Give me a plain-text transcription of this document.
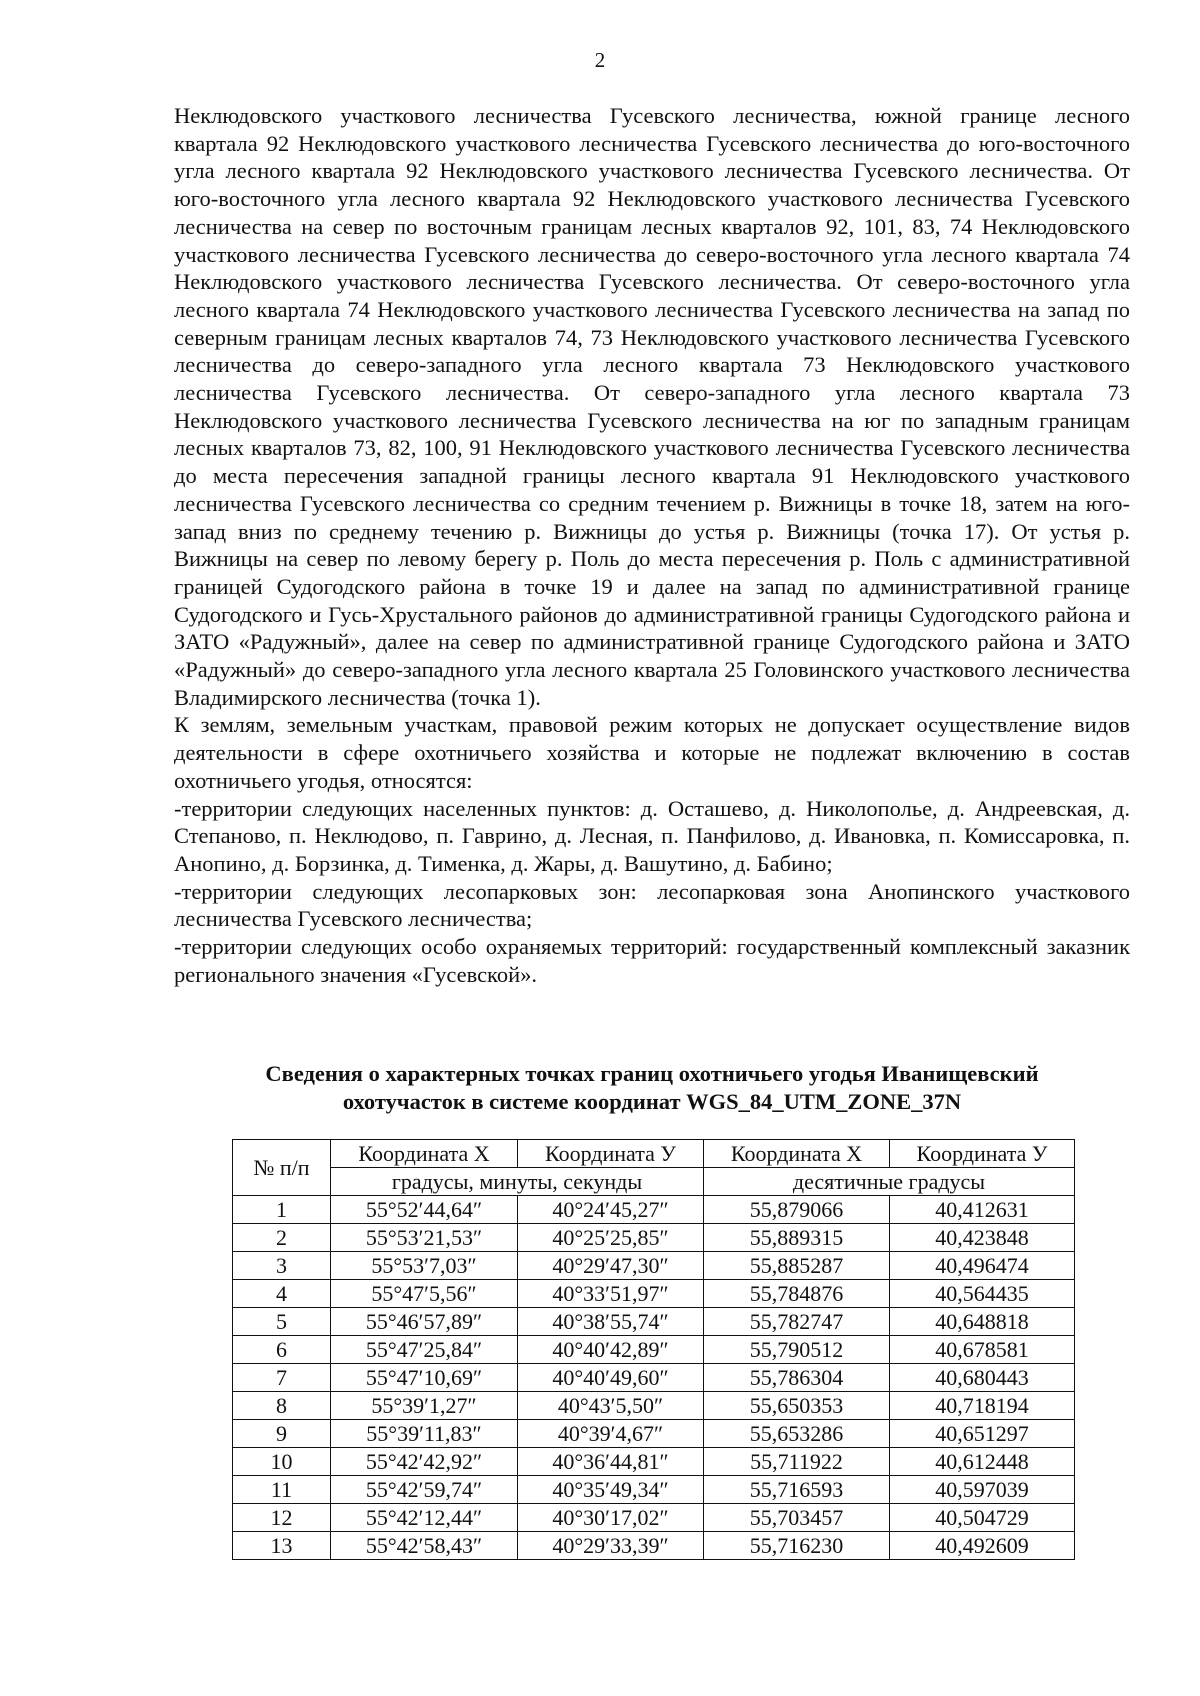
2

Неклюдовского участкового лесничества Гусевского лесничества, южной границе лесного квартала 92 Неклюдовского участкового лесничества Гусевского лесничества до юго-восточного угла лесного квартала 92 Неклюдовского участкового лесничества Гусевского лесничества. От юго-восточного угла лесного квартала 92 Неклюдовского участкового лесничества Гусевского лесничества на север по восточным границам лесных кварталов 92, 101, 83, 74 Неклюдовского участкового лесничества Гусевского лесничества до северо-восточного угла лесного квартала 74 Неклюдовского участкового лесничества Гусевского лесничества. От северо-восточного угла лесного квартала 74 Неклюдовского участкового лесничества Гусевского лесничества на запад по северным границам лесных кварталов 74, 73 Неклюдовского участкового лесничества Гусевского лесничества до северо-западного угла лесного квартала 73 Неклюдовского участкового лесничества Гусевского лесничества. От северо-западного угла лесного квартала 73 Неклюдовского участкового лесничества Гусевского лесничества на юг по западным границам лесных кварталов 73, 82, 100, 91 Неклюдовского участкового лесничества Гусевского лесничества до места пересечения западной границы лесного квартала 91 Неклюдовского участкового лесничества Гусевского лесничества со средним течением р. Вижницы в точке 18, затем на юго-запад вниз по среднему течению р. Вижницы до устья р. Вижницы (точка 17). От устья р. Вижницы на север по левому берегу р. Поль до места пересечения р. Поль с административной границей Судогодского района в точке 19 и далее на запад по административной границе Судогодского и Гусь-Хрустального районов до административной границы Судогодского района и ЗАТО «Радужный», далее на север по административной границе Судогодского района и ЗАТО «Радужный» до северо-западного угла лесного квартала 25 Головинского участкового лесничества Владимирского лесничества (точка 1).

К землям, земельным участкам, правовой режим которых не допускает осуществление видов деятельности в сфере охотничьего хозяйства и которые не подлежат включению в состав охотничьего угодья, относятся:

-территории следующих населенных пунктов: д. Осташево, д. Николополье, д. Андреевская, д. Степаново, п. Неклюдово, п. Гаврино, д. Лесная, п. Панфилово, д. Ивановка, п. Комиссаровка, п. Анопино, д. Борзинка, д. Тименка, д. Жары, д. Вашутино, д. Бабино;

-территории следующих лесопарковых зон: лесопарковая зона Анопинского участкового лесничества Гусевского лесничества;

-территории следующих особо охраняемых территорий: государственный комплексный заказник регионального значения «Гусевской».

Сведения о характерных точках границ охотничьего угодья Иванищевский
охотучасток в системе координат WGS_84_UTM_ZONE_37N
№ п/п	Координата X	Координата У	Координата X	Координата У
	градусы, минуты, секунды		десятичные градусы	
1	55°52′44,64″	40°24′45,27″	55,879066	40,412631
2	55°53′21,53″	40°25′25,85″	55,889315	40,423848
3	55°53′7,03″	40°29′47,30″	55,885287	40,496474
4	55°47′5,56″	40°33′51,97″	55,784876	40,564435
5	55°46′57,89″	40°38′55,74″	55,782747	40,648818
6	55°47′25,84″	40°40′42,89″	55,790512	40,678581
7	55°47′10,69″	40°40′49,60″	55,786304	40,680443
8	55°39′1,27″	40°43′5,50″	55,650353	40,718194
9	55°39′11,83″	40°39′4,67″	55,653286	40,651297
10	55°42′42,92″	40°36′44,81″	55,711922	40,612448
11	55°42′59,74″	40°35′49,34″	55,716593	40,597039
12	55°42′12,44″	40°30′17,02″	55,703457	40,504729
13	55°42′58,43″	40°29′33,39″	55,716230	40,492609
